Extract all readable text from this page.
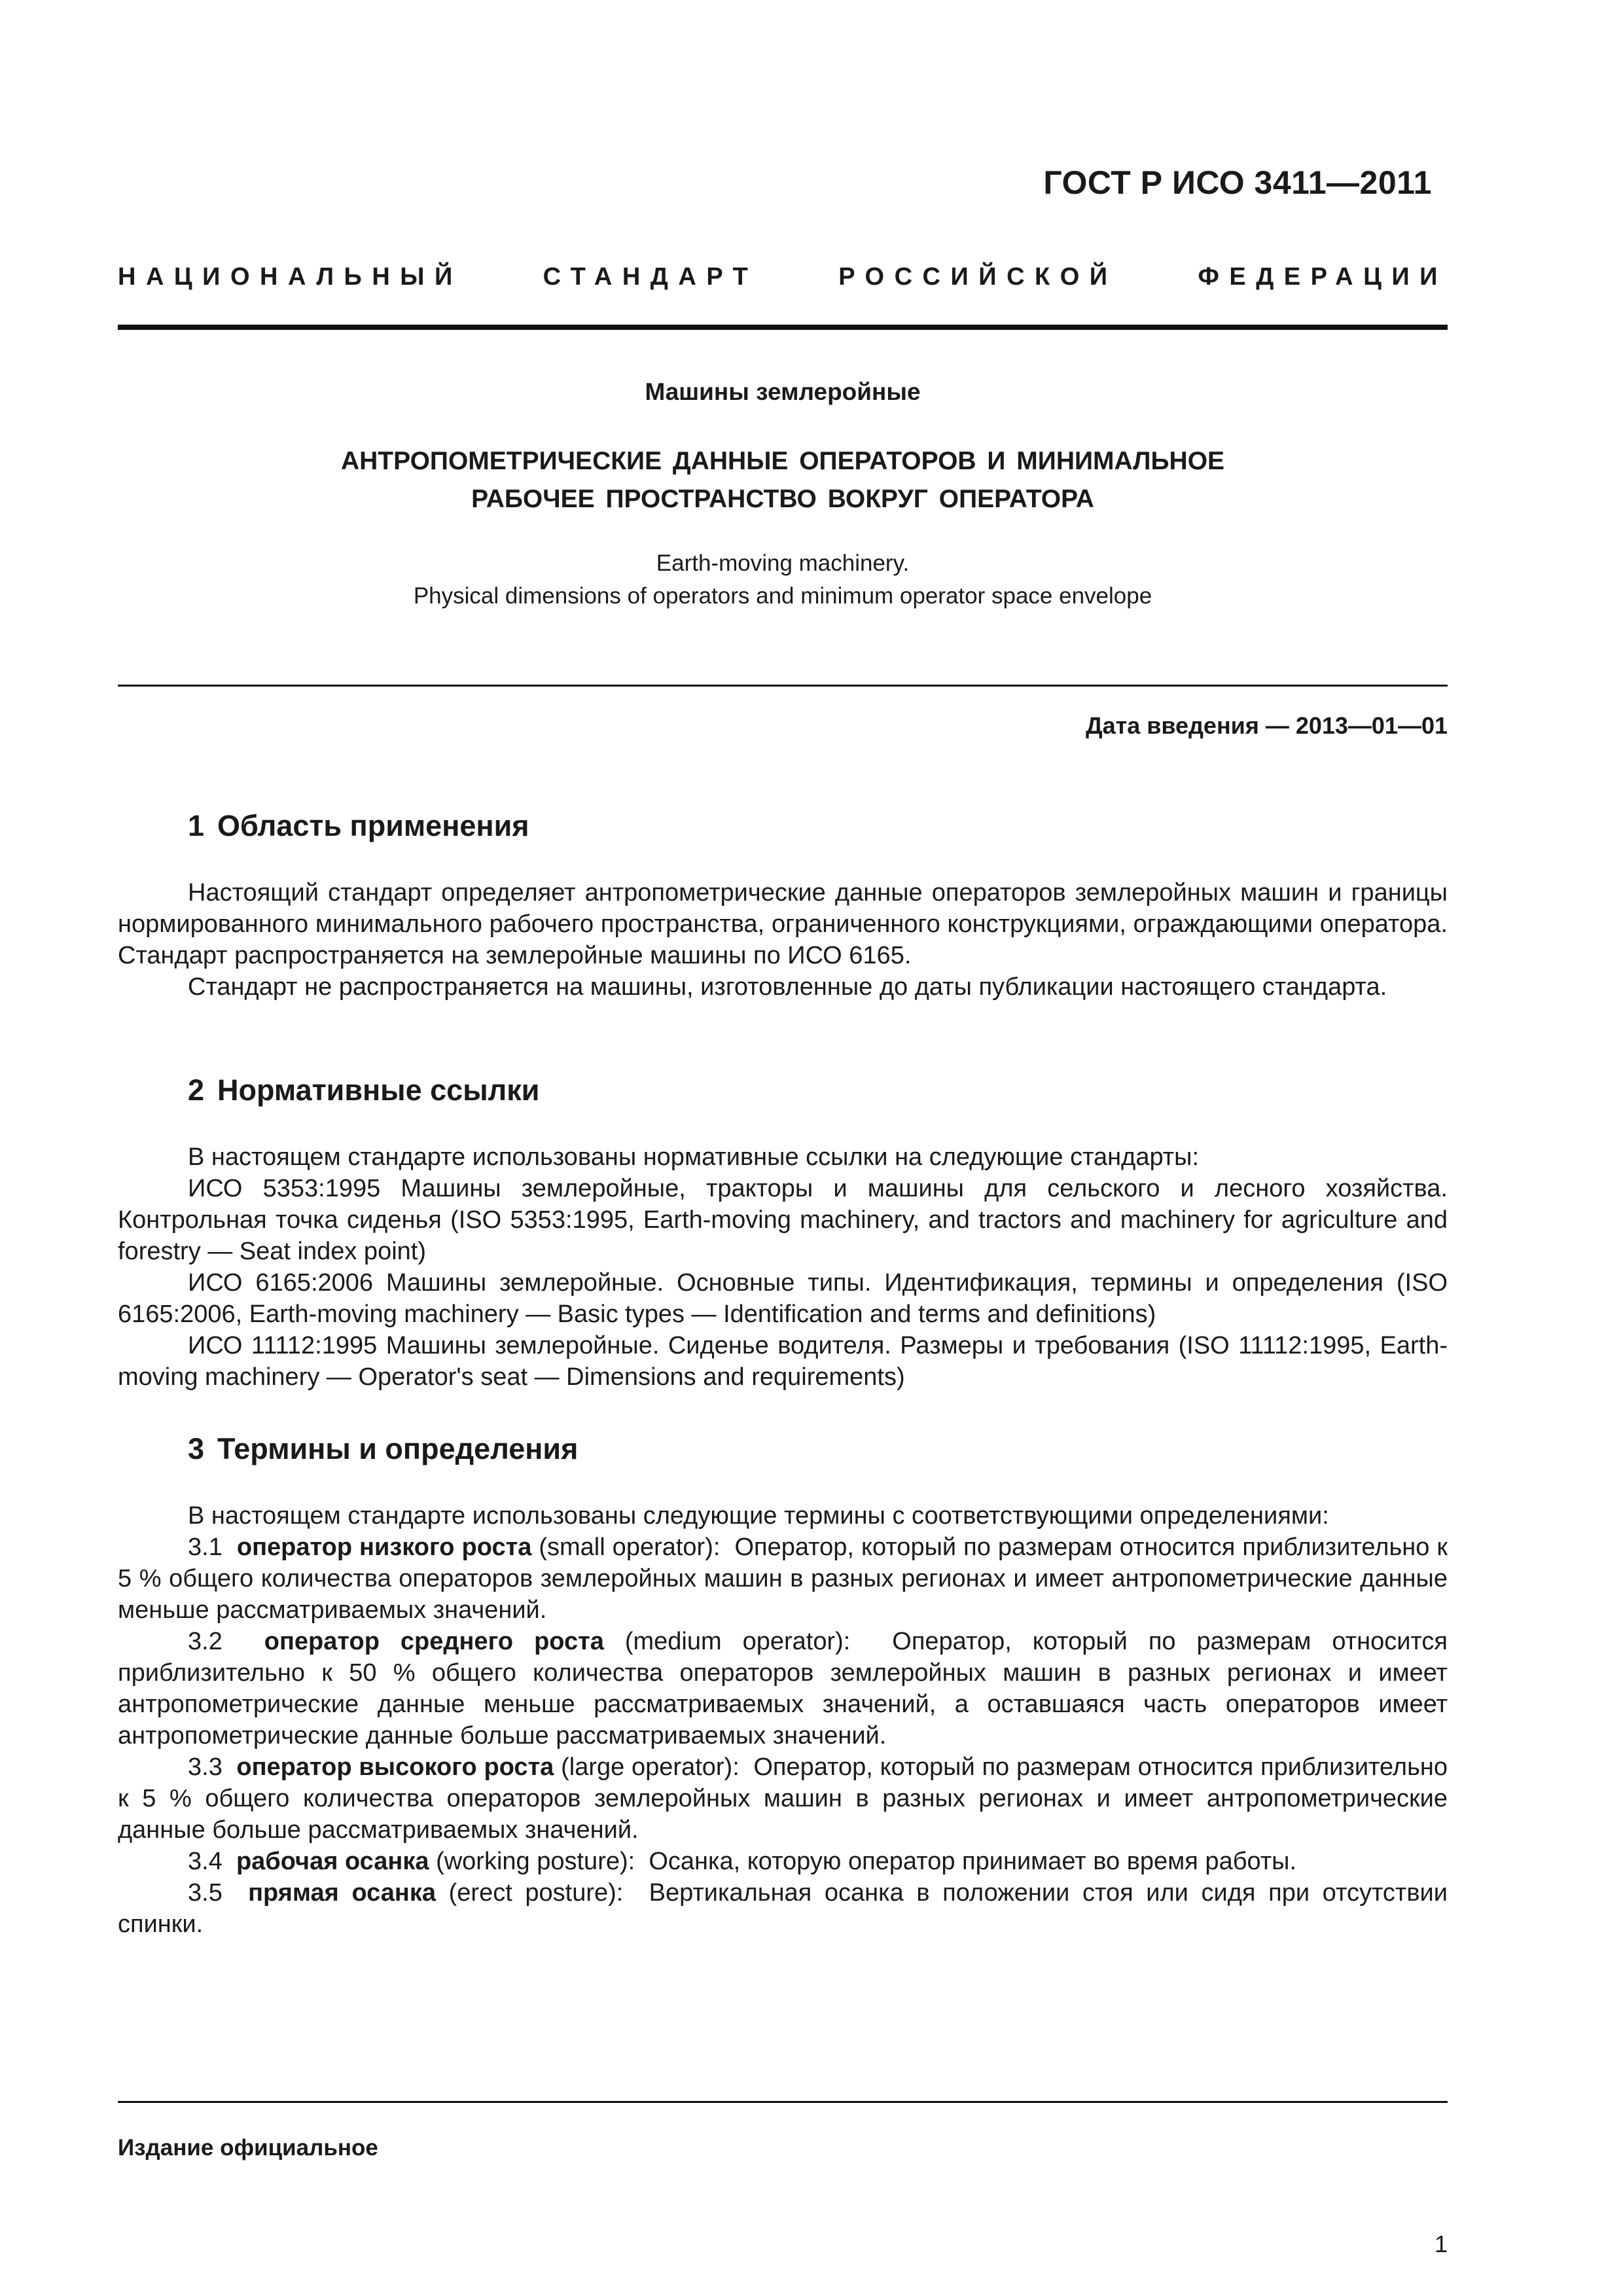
ГОСТ Р ИСО 3411—2011
НАЦИОНАЛЬНЫЙ	СТАНДАРТ	РОССИЙСКОЙ	ФЕДЕРАЦИИ
Машины землеройные
АНТРОПОМЕТРИЧЕСКИЕ ДАННЫЕ ОПЕРАТОРОВ И МИНИМАЛЬНОЕ
РАБОЧЕЕ ПРОСТРАНСТВО ВОКРУГ ОПЕРАТОРА
Earth-moving machinery.
Physical dimensions of operators and minimum operator space envelope
Дата введения — 2013—01—01
1 Область применения

Настоящий стандарт определяет антропометрические данные операторов землеройных машин и границы нормированного минимального рабочего пространства, ограниченного конструкциями, ограждающими оператора. Стандарт распространяется на землеройные машины по ИСО 6165.

Стандарт не распространяется на машины, изготовленные до даты публикации настоящего стандарта.

2 Нормативные ссылки

В настоящем стандарте использованы нормативные ссылки на следующие стандарты:

ИСО 5353:1995 Машины землеройные, тракторы и машины для сельского и лесного хозяйства. Контрольная точка сиденья (ISO 5353:1995, Earth-moving machinery, and tractors and machinery for agriculture and forestry — Seat index point)

ИСО 6165:2006 Машины землеройные. Основные типы. Идентификация, термины и определения (ISO 6165:2006, Earth-moving machinery — Basic types — Identification and terms and definitions)

ИСО 11112:1995 Машины землеройные. Сиденье водителя. Размеры и требования (ISO 11112:1995, Earth-moving machinery — Operator's seat — Dimensions and requirements)

3 Термины и определения

В настоящем стандарте использованы следующие термины с соответствующими определениями:

3.1 оператор низкого роста (small operator): Оператор, который по размерам относится приблизительно к 5 % общего количества операторов землеройных машин в разных регионах и имеет антропометрические данные меньше рассматриваемых значений.

3.2 оператор среднего роста (medium operator): Оператор, который по размерам относится приблизительно к 50 % общего количества операторов землеройных машин в разных регионах и имеет антропометрические данные меньше рассматриваемых значений, а оставшаяся часть операторов имеет антропометрические данные больше рассматриваемых значений.

3.3 оператор высокого роста (large operator): Оператор, который по размерам относится приблизительно к 5 % общего количества операторов землеройных машин в разных регионах и имеет антропометрические данные больше рассматриваемых значений.

3.4 рабочая осанка (working posture): Осанка, которую оператор принимает во время работы.

3.5 прямая осанка (erect posture): Вертикальная осанка в положении стоя или сидя при отсутствии спинки.

Издание официальное
1
